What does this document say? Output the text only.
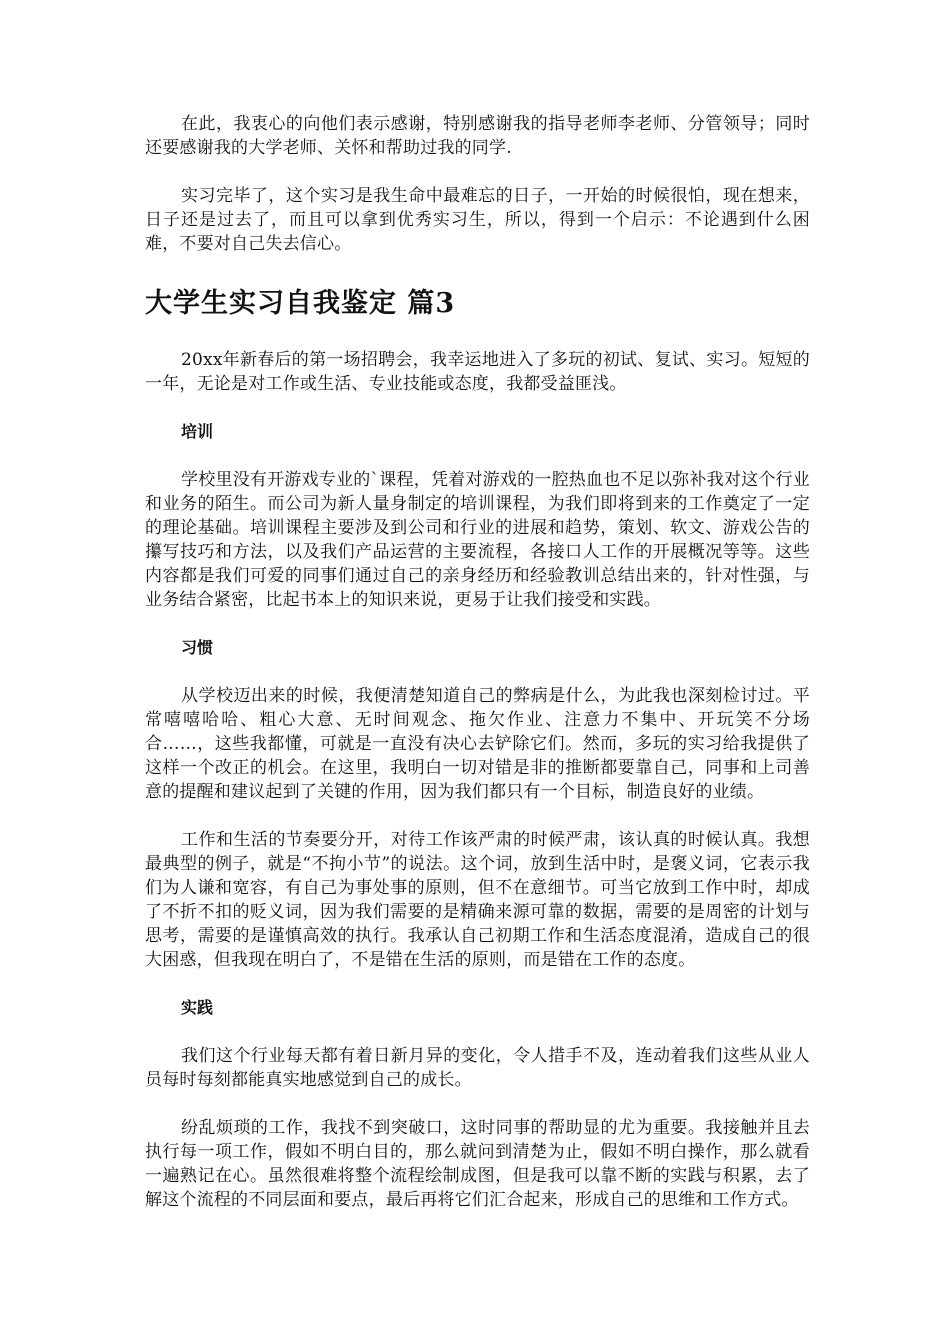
在此，我衷心的向他们表示感谢，特别感谢我的指导老师李老师、分管领导；同时还要感谢我的大学老师、关怀和帮助过我的同学.

实习完毕了，这个实习是我生命中最难忘的日子，一开始的时候很怕，现在想来，日子还是过去了，而且可以拿到优秀实习生，所以，得到一个启示：不论遇到什么困难，不要对自己失去信心。

大学生实习自我鉴定 篇3

20xx年新春后的第一场招聘会，我幸运地进入了多玩的初试、复试、实习。短短的一年，无论是对工作或生活、专业技能或态度，我都受益匪浅。

培训

学校里没有开游戏专业的`课程，凭着对游戏的一腔热血也不足以弥补我对这个行业和业务的陌生。而公司为新人量身制定的培训课程，为我们即将到来的工作奠定了一定的理论基础。培训课程主要涉及到公司和行业的进展和趋势，策划、软文、游戏公告的攥写技巧和方法，以及我们产品运营的主要流程，各接口人工作的开展概况等等。这些内容都是我们可爱的同事们通过自己的亲身经历和经验教训总结出来的，针对性强，与业务结合紧密，比起书本上的知识来说，更易于让我们接受和实践。

习惯

从学校迈出来的时候，我便清楚知道自己的弊病是什么，为此我也深刻检讨过。平常嘻嘻哈哈、粗心大意、无时间观念、拖欠作业、注意力不集中、开玩笑不分场合……，这些我都懂，可就是一直没有决心去铲除它们。然而，多玩的实习给我提供了这样一个改正的机会。在这里，我明白一切对错是非的推断都要靠自己，同事和上司善意的提醒和建议起到了关键的作用，因为我们都只有一个目标，制造良好的业绩。

工作和生活的节奏要分开，对待工作该严肃的时候严肃，该认真的时候认真。我想最典型的例子，就是“不拘小节”的说法。这个词，放到生活中时，是褒义词，它表示我们为人谦和宽容，有自己为事处事的原则，但不在意细节。可当它放到工作中时，却成了不折不扣的贬义词，因为我们需要的是精确来源可靠的数据，需要的是周密的计划与思考，需要的是谨慎高效的执行。我承认自己初期工作和生活态度混淆，造成自己的很大困惑，但我现在明白了，不是错在生活的原则，而是错在工作的态度。

实践

我们这个行业每天都有着日新月异的变化，令人措手不及，连动着我们这些从业人员每时每刻都能真实地感觉到自己的成长。

纷乱烦琐的工作，我找不到突破口，这时同事的帮助显的尤为重要。我接触并且去执行每一项工作，假如不明白目的，那么就问到清楚为止，假如不明白操作，那么就看一遍熟记在心。虽然很难将整个流程绘制成图，但是我可以靠不断的实践与积累，去了解这个流程的不同层面和要点，最后再将它们汇合起来，形成自己的思维和工作方式。
